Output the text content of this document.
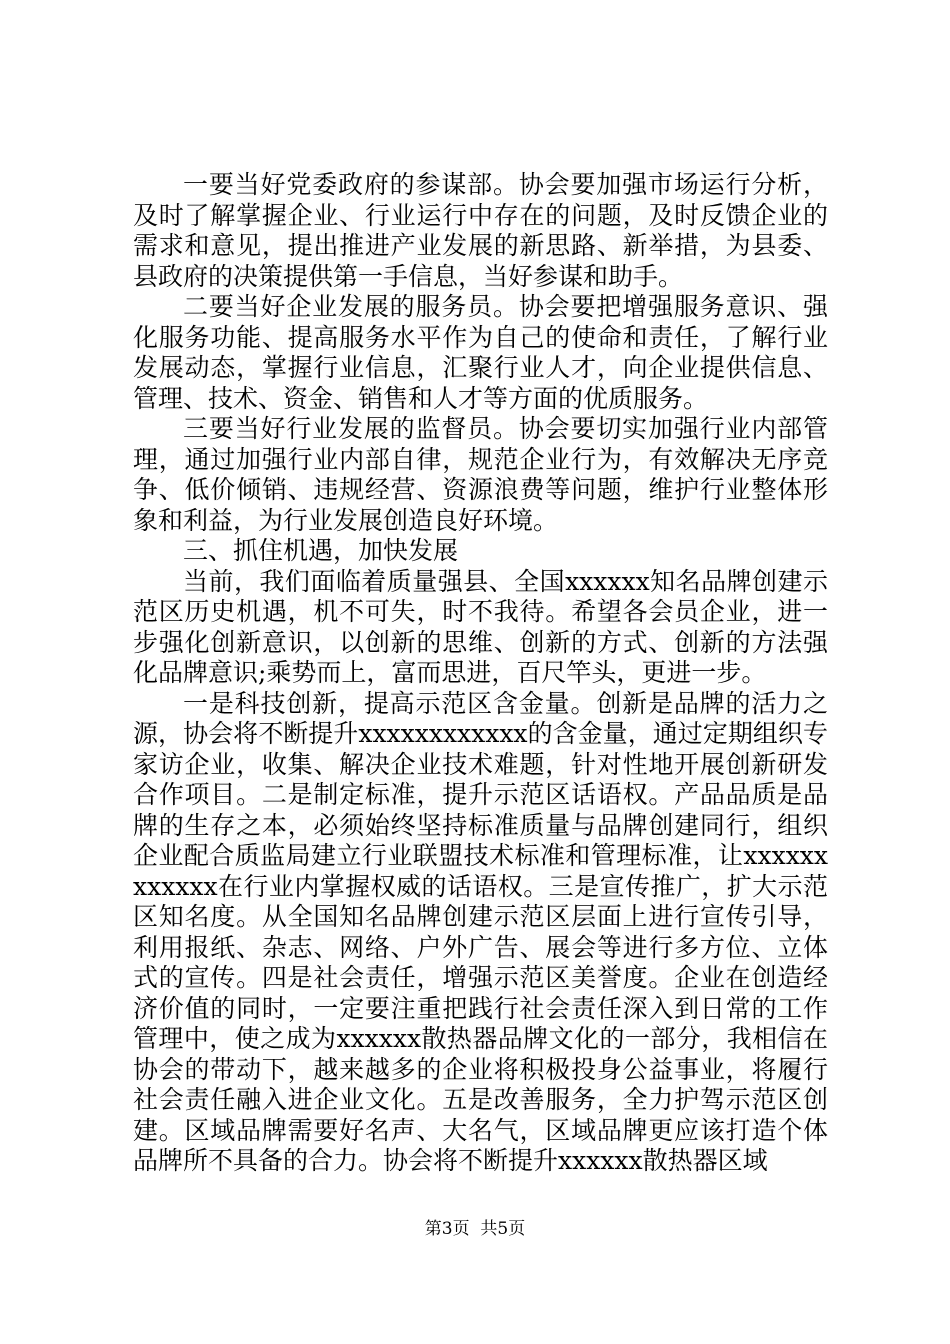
一要当好党委政府的参谋部。协会要加强市场运行分析，及时了解掌握企业、行业运行中存在的问题，及时反馈企业的需求和意见，提出推进产业发展的新思路、新举措，为县委、县政府的决策提供第一手信息，当好参谋和助手。

二要当好企业发展的服务员。协会要把增强服务意识、强化服务功能、提高服务水平作为自己的使命和责任，了解行业发展动态，掌握行业信息，汇聚行业人才，向企业提供信息、管理、技术、资金、销售和人才等方面的优质服务。

三要当好行业发展的监督员。协会要切实加强行业内部管理，通过加强行业内部自律，规范企业行为，有效解决无序竞争、低价倾销、违规经营、资源浪费等问题，维护行业整体形象和利益，为行业发展创造良好环境。

三、抓住机遇，加快发展

当前，我们面临着质量强县、全国xxxxxx知名品牌创建示范区历史机遇，机不可失，时不我待。希望各会员企业，进一步强化创新意识，以创新的思维、创新的方式、创新的方法强化品牌意识;乘势而上，富而思进，百尺竿头，更进一步。

一是科技创新，提高示范区含金量。创新是品牌的活力之源，协会将不断提升xxxxxxxxxxxx的含金量，通过定期组织专家访企业，收集、解决企业技术难题，针对性地开展创新研发合作项目。二是制定标准，提升示范区话语权。产品品质是品牌的生存之本，必须始终坚持标准质量与品牌创建同行，组织企业配合质监局建立行业联盟技术标准和管理标准，让xxxxxxxxxxxx在行业内掌握权威的话语权。三是宣传推广，扩大示范区知名度。从全国知名品牌创建示范区层面上进行宣传引导，利用报纸、杂志、网络、户外广告、展会等进行多方位、立体式的宣传。四是社会责任，增强示范区美誉度。企业在创造经济价值的同时，一定要注重把践行社会责任深入到日常的工作管理中，使之成为xxxxxx散热器品牌文化的一部分，我相信在协会的带动下，越来越多的企业将积极投身公益事业，将履行社会责任融入进企业文化。五是改善服务，全力护驾示范区创建。区域品牌需要好名声、大名气，区域品牌更应该打造个体品牌所不具备的合力。协会将不断提升xxxxxx散热器区域

第3页  共5页
